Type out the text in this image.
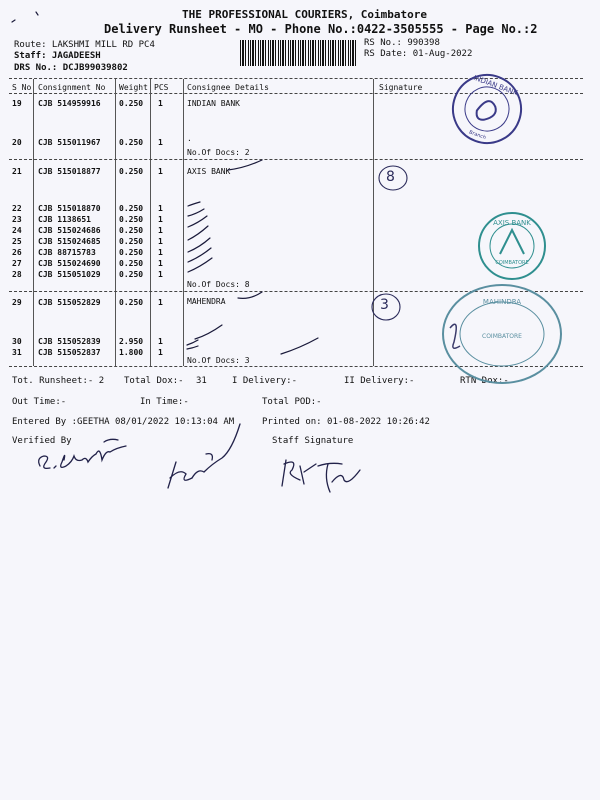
THE PROFESSIONAL COURIERS, Coimbatore
Delivery Runsheet - MO - Phone No.:0422-3505555 - Page No.:2
Route: LAKSHMI MILL RD PC4
Staff: JAGADEESH
DRS No.: DCJB99039802
RS No.: 990398
RS Date: 01-Aug-2022
S No Consignment No Weight PCS Consignee Details	Signature
19 CJB 514959916 0.250 1	INDIAN BANK
20 CJB 515011967 0.250 1	.
No.Of Docs: 2
21 CJB 515018877 0.250 1	AXIS BANK
22 CJB 515018870 0.250 1
23 CJB 1138651	0.250 1
24 CJB 515024686 0.250 1
25 CJB 515024685 0.250 1
26 CJB 88715783	0.250 1
27 CJB 515024690 0.250 1
28 CJB 515051029 0.250 1
No.Of Docs: 8
29 CJB 515052829 0.250 1	MAHENDRA
30 CJB 515052839 2.950 1
31 CJB 515052837 1.800 1
No.Of Docs: 3
Tot. Runsheet:- 2 Total Dox:- 31	I Delivery:-	II Delivery:-	RTN Dox:-
Out Time:-	In Time:-	Total POD:-
Entered By :GEETHA 08/01/2022 10:13:04 AM	Printed on: 01-08-2022 10:26:42
Verified By	Staff Signature
8
3
INDIAN BANK
Branch
AXIS BANK
COIMBATORE
MAHINDRA
COIMBATORE
